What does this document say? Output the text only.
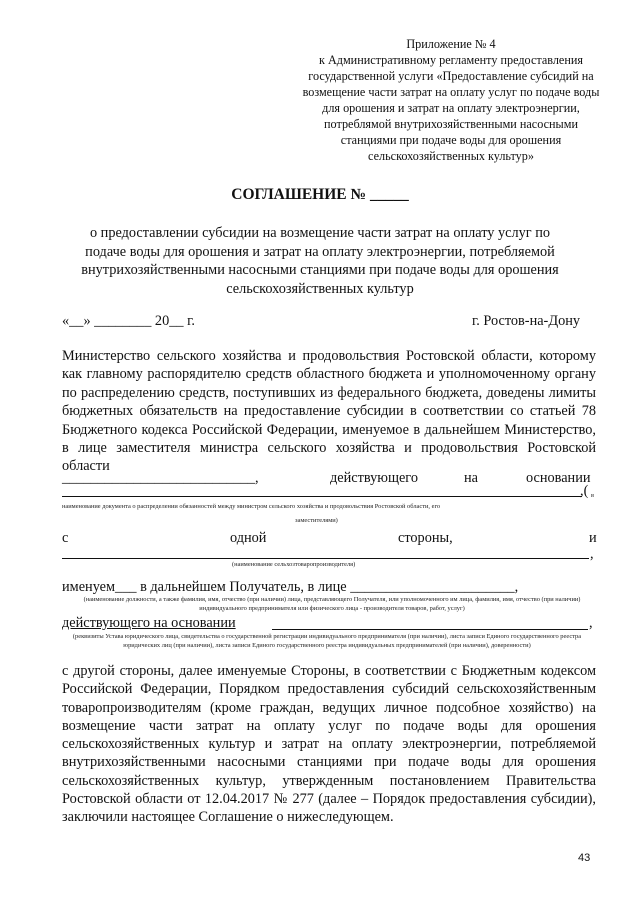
Приложение № 4
к Административному регламенту предоставления государственной услуги «Предоставление субсидий на возмещение части затрат на оплату услуг по подаче воды для орошения и затрат на оплату электроэнергии, потреблямой внутрихозяйственными насосными станциями при подаче воды для орошения сельскохозяйственных культур»
СОГЛАШЕНИЕ № _____
о предоставлении субсидии на возмещение части затрат на оплату услуг по подаче воды для орошения и затрат на оплату электроэнергии, потребляемой внутрихозяйственными насосными станциями при подаче воды для орошения сельскохозяйственных культур
«__» ________ 20__ г.	г. Ростов-на-Дону
Министерство сельского хозяйства и продовольствия Ростовской области, которому как главному распорядителю средств областного бюджета и уполномоченному органу по распределению средств, поступивших из федерального бюджета, доведены лимиты бюджетных обязательств на предоставление субсидии в соответствии со статьей 78 Бюджетного кодекса Российской Федерации, именуемое в дальнейшем Министерство, в лице заместителя министра сельского хозяйства и продовольствия Ростовской области
___________________________,	действующего	на	основании
,( в
наименование документа о распределении обязанностей между министром сельского хозяйства и продовольствия Ростовской области, его
заместителями)
с	одной	стороны,	и
,
(наименование сельхозтоваропроизводителя)
именуем___ в дальнейшем Получатель, в лице _______________________,
(наименование должности, а также фамилия, имя, отчество (при наличии) лица, представляющего Получателя, или уполномоченного им лица, фамилия, имя, отчество (при наличии) индивидуального предпринимателя или физического лица - производителя товаров, работ, услуг)
действующего на основании	,
(реквизиты Устава юридического лица, свидетельства о государственной регистрации индивидуального предпринимателя (при наличии), листа записи Единого государственного реестра юридических лиц (при наличии), листа записи Единого государственного реестра индивидуальных предпринимателей (при наличии), доверенности)
с другой стороны, далее именуемые Стороны, в соответствии с Бюджетным кодексом Российской Федерации, Порядком предоставления субсидий сельскохозяйственным товаропроизводителям (кроме граждан, ведущих личное подсобное хозяйство) на возмещение части затрат на оплату услуг по подаче воды для орошения сельскохозяйственных культур и затрат на оплату электроэнергии, потребляемой внутрихозяйственными насосными станциями при подаче воды для орошения сельскохозяйственных культур, утвержденным постановлением Правительства Ростовской области от 12.04.2017 № 277 (далее – Порядок предоставления субсидии), заключили настоящее Соглашение о нижеследующем.
43
